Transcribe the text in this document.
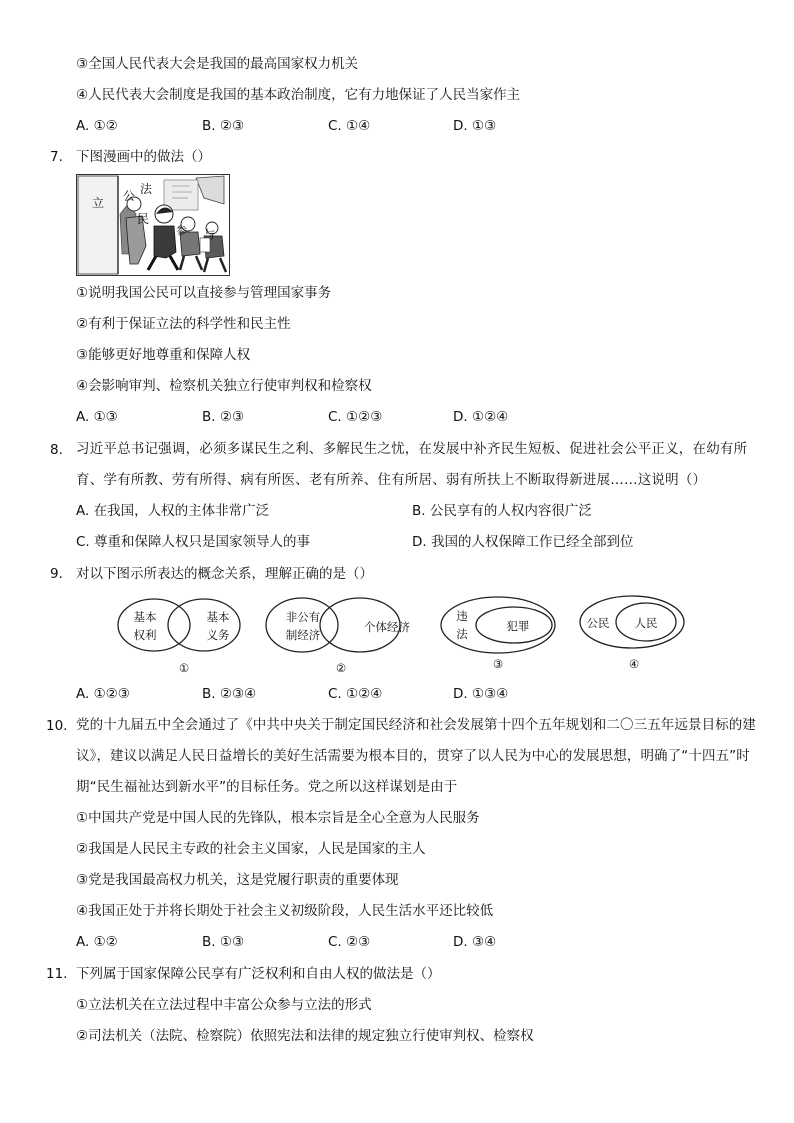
③全国人民代表大会是我国的最高国家权力机关
④人民代表大会制度是我国的基本政治制度，它有力地保证了人民当家作主
A. ①②	B. ②③	C. ①④	D. ①③
7. 下图漫画中的做法（）
立 公 法
民
参 与
①说明我国公民可以直接参与管理国家事务
②有利于保证立法的科学性和民主性
③能够更好地尊重和保障人权
④会影响审判、检察机关独立行使审判权和检察权
A. ①③	B. ②③	C. ①②③	D. ①②④
8. 习近平总书记强调，必须多谋民生之利、多解民生之忧，在发展中补齐民生短板、促进社会公平正义，在幼有所育、学有所教、劳有所得、病有所医、老有所养、住有所居、弱有所扶上不断取得新进展……这说明（）
A. 在我国，人权的主体非常广泛	B. 公民享有的人权内容很广泛
C. 尊重和保障人权只是国家领导人的事	D. 我国的人权保障工作已经全部到位
9. 对以下图示所表达的概念关系，理解正确的是（）
基本
权利
基本
义务
①
非公有
制经济
个体经济
②
违
法
犯罪
③
公民 人民
④
A. ①②③	B. ②③④	C. ①②④	D. ①③④
10. 党的十九届五中全会通过了《中共中央关于制定国民经济和社会发展第十四个五年规划和二〇三五年远景目标的建议》，建议以满足人民日益增长的美好生活需要为根本目的，贯穿了以人民为中心的发展思想，明确了“十四五”时期“民生福祉达到新水平”的目标任务。党之所以这样谋划是由于
①中国共产党是中国人民的先锋队，根本宗旨是全心全意为人民服务
②我国是人民民主专政的社会主义国家，人民是国家的主人
③党是我国最高权力机关，这是党履行职责的重要体现
④我国正处于并将长期处于社会主义初级阶段，人民生活水平还比较低
A. ①②	B. ①③	C. ②③	D. ③④
11. 下列属于国家保障公民享有广泛权利和自由人权的做法是（）
①立法机关在立法过程中丰富公众参与立法的形式
②司法机关（法院、检察院）依照宪法和法律的规定独立行使审判权、检察权
